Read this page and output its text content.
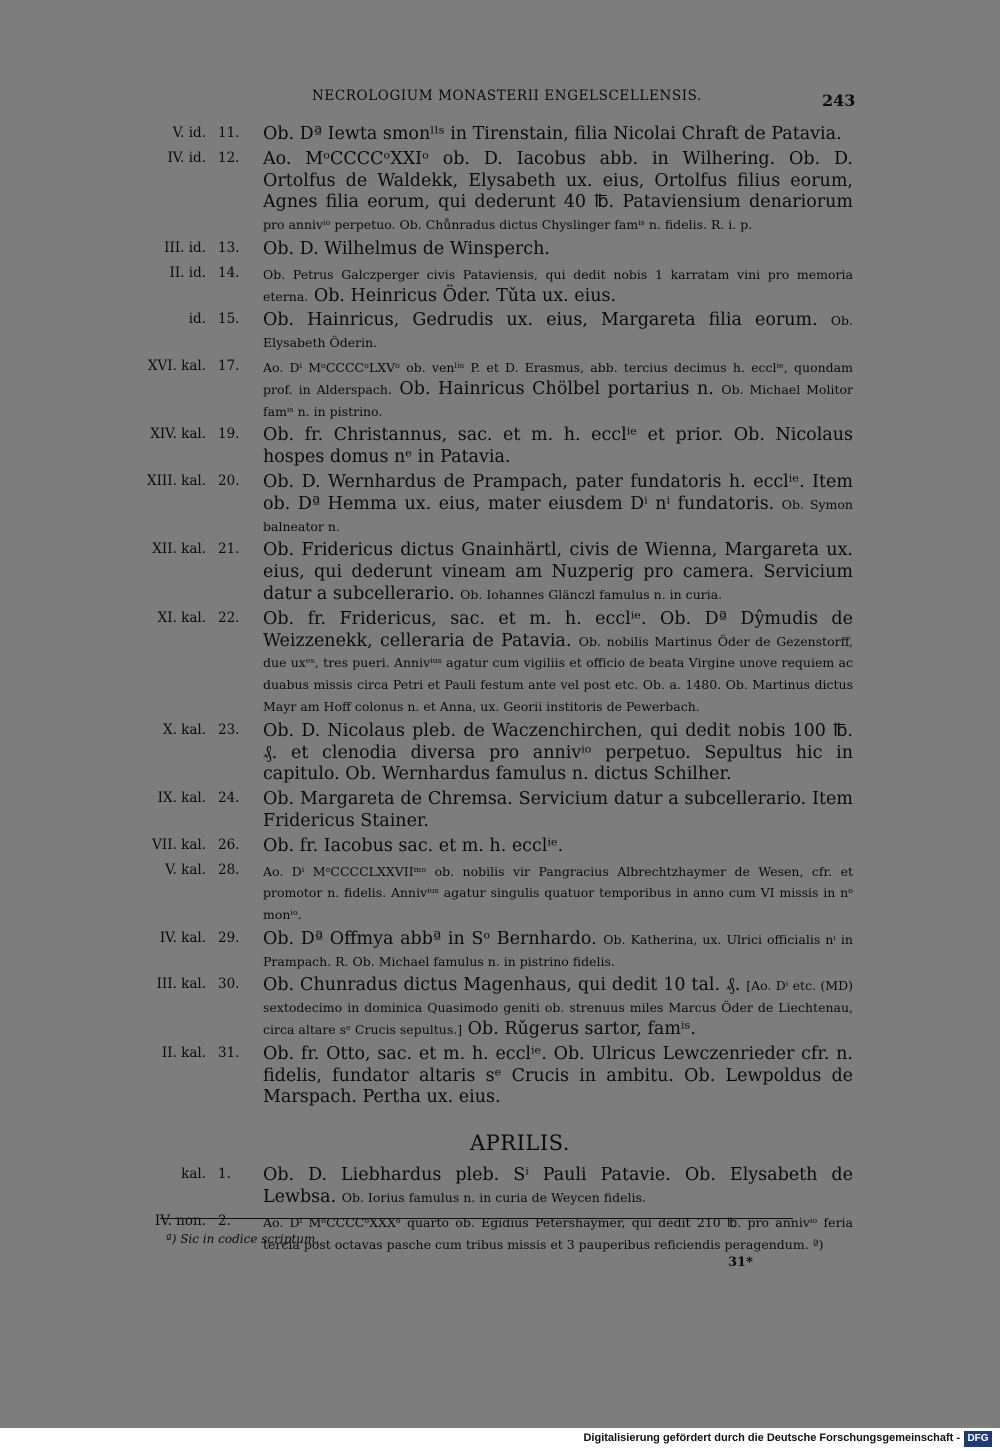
NECROLOGIUM MONASTERII ENGELSCELLENSIS.	243
V. id. 11. Ob. Dª Iewta smonˡˡˢ in Tirenstain, filia Nicolai Chraft de Patavia.
IV. id. 12. Ao. MᵒCCCCᵒXXIᵒ ob. D. Iacobus abb. in Wilhering. Ob. D. Ortolfus de Waldekk, Elysabeth ux. eius, Ortolfus filius eorum, Agnes filia eorum, qui dederunt 40 ℔. Pataviensium denariorum pro annivⁱᵒ perpetuo. Ob. Chůnradus dictus Chyslinger famⁱˢ n. fidelis. R. i. p.
III. id. 13. Ob. D. Wilhelmus de Winsperch.
II. id. 14. Ob. Petrus Galczperger civis Pataviensis, qui dedit nobis 1 karratam vini pro memoria eterna. Ob. Heinricus Öder. Tǔta ux. eius.
id. 15. Ob. Hainricus, Gedrudis ux. eius, Margareta filia eorum. Ob. Elysabeth Öderin.
XVI. kal. 17. Ao. Dⁱ MᵒCCCCᵒLXVᵒ ob. venˡⁱˢ P. et D. Erasmus, abb. tercius decimus h. ecclⁱᵉ, quondam prof. in Alderspach. Ob. Hainricus Chölbel portarius n. Ob. Michael Molitor famⁱˢ n. in pistrino.
XIV. kal. 19. Ob. fr. Christannus, sac. et m. h. ecclⁱᵉ et prior. Ob. Nicolaus hospes domus nᵉ in Patavia.
XIII. kal. 20. Ob. D. Wernhardus de Prampach, pater fundatoris h. ecclⁱᵉ. Item ob. Dª Hemma ux. eius, mater eiusdem Dⁱ nⁱ fundatoris. Ob. Symon balneator n.
XII. kal. 21. Ob. Fridericus dictus Gnainhärtl, civis de Wienna, Margareta ux. eius, qui dederunt vineam am Nuzperig pro camera. Servicium datur a subcellerario. Ob. Iohannes Glänczl famulus n. in curia.
XI. kal. 22. Ob. fr. Fridericus, sac. et m. h. ecclⁱᵉ. Ob. Dª Dŷmudis de Weizzenekk, celleraria de Patavia. Ob. nobilis Martinus Öder de Gezenstorff, due uxᵉˢ, tres pueri. Annivⁱᵘˢ agatur cum vigiliis et officio de beata Virgine unove requiem ac duabus missis circa Petri et Pauli festum ante vel post etc. Ob. a. 1480. Ob. Martinus dictus Mayr am Hoff colonus n. et Anna, ux. Georii institoris de Pewerbach.
X. kal. 23. Ob. D. Nicolaus pleb. de Waczenchirchen, qui dedit nobis 100 ℔. ₰. et clenodia diversa pro annivⁱᵒ perpetuo. Sepultus hic in capitulo. Ob. Wernhardus famulus n. dictus Schilher.
IX. kal. 24. Ob. Margareta de Chremsa. Servicium datur a subcellerario. Item Fridericus Stainer.
VII. kal. 26. Ob. fr. Iacobus sac. et m. h. ecclⁱᵉ.
V. kal. 28. Ao. Dⁱ MᵒCCCCLXXVIIᵐᵒ ob. nobilis vir Pangracius Albrechtzhaymer de Wesen, cfr. et promotor n. fidelis. Annivⁱᵘˢ agatur singulis quatuor temporibus in anno cum VI missis in nᵒ monⁱᵒ.
IV. kal. 29. Ob. Dª Offmya abbª in Sᵒ Bernhardo. Ob. Katherina, ux. Ulrici officialis nⁱ in Prampach. R. Ob. Michael famulus n. in pistrino fidelis.
III. kal. 30. Ob. Chunradus dictus Magenhaus, qui dedit 10 tal. ₰. [Ao. Dⁱ etc. (MD) sextodecimo in dominica Quasimodo geniti ob. strenuus miles Marcus Öder de Liechtenau, circa altare sᵉ Crucis sepultus.] Ob. Rǔgerus sartor, famⁱˢ.
II. kal. 31. Ob. fr. Otto, sac. et m. h. ecclⁱᵉ. Ob. Ulricus Lewczenrieder cfr. n. fidelis, fundator altaris sᵉ Crucis in ambitu. Ob. Lewpoldus de Marspach. Pertha ux. eius.
APRILIS.
kal. 1. Ob. D. Liebhardus pleb. Sⁱ Pauli Patavie. Ob. Elysabeth de Lewbsa. Ob. Iorius famulus n. in curia de Weycen fidelis.
IV. non. 2.	Ao. Dⁱ MᵒCCCCᵒXXXᵒ quarto ob. Egidius Petershaymer, qui dedit 210 ℔. pro annivⁱᵒ feria tercia post octavas pasche cum tribus missis et 3 pauperibus reficiendis peragendum. ª)
ª) Sic in codice scriptum.
31*
Digitalisierung gefördert durch die Deutsche Forschungsgemeinschaft - DFG
